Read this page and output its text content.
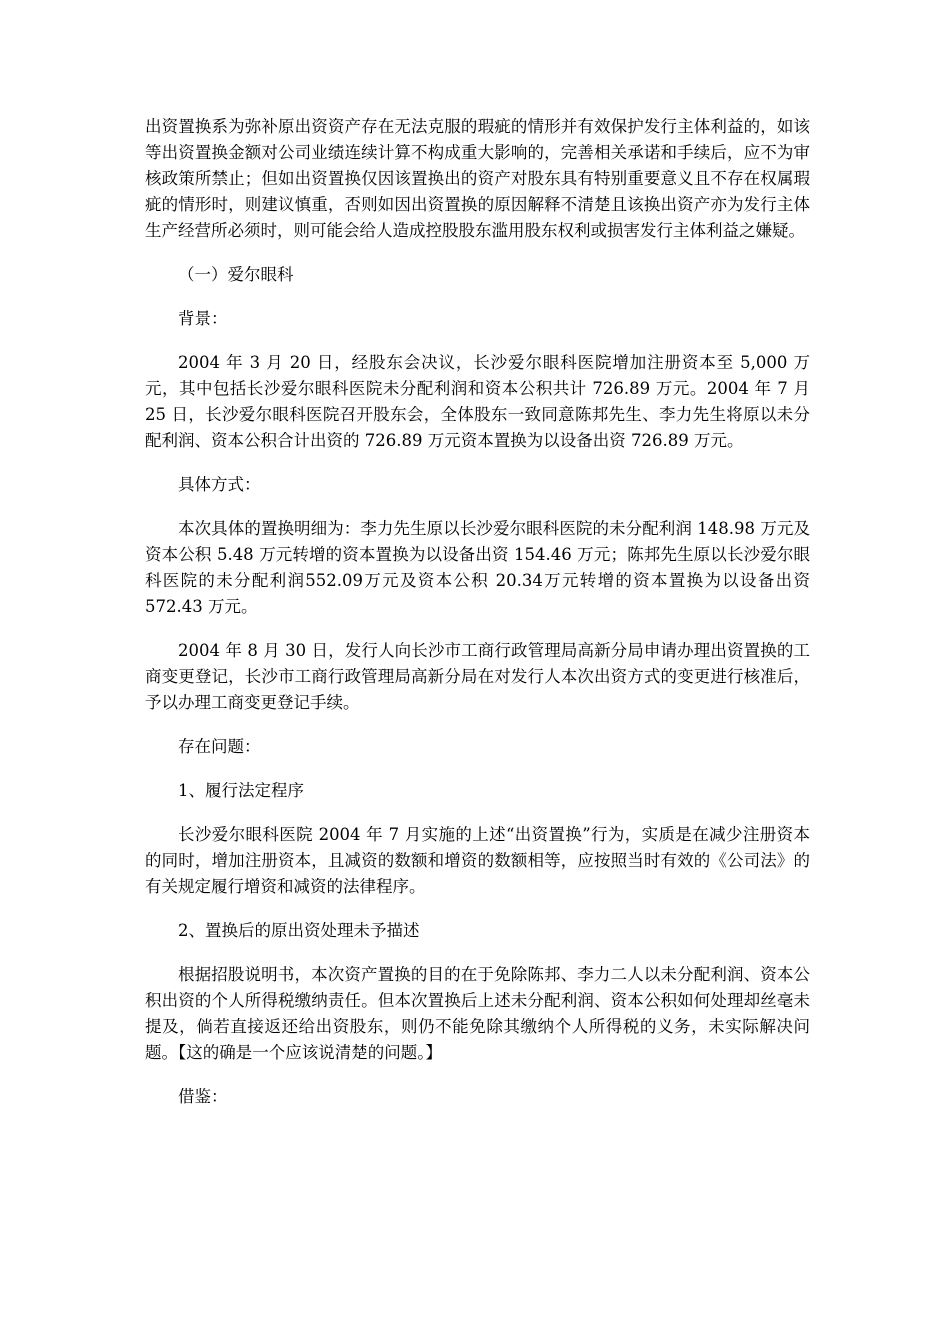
出资置换系为弥补原出资资产存在无法克服的瑕疵的情形并有效保护发行主体利益的，如该等出资置换金额对公司业绩连续计算不构成重大影响的，完善相关承诺和手续后，应不为审核政策所禁止；但如出资置换仅因该置换出的资产对股东具有特别重要意义且不存在权属瑕疵的情形时，则建议慎重，否则如因出资置换的原因解释不清楚且该换出资产亦为发行主体生产经营所必须时，则可能会给人造成控股股东滥用股东权利或损害发行主体利益之嫌疑。

（一）爱尔眼科

背景：

2004 年 3 月 20 日，经股东会决议，长沙爱尔眼科医院增加注册资本至 5,000 万元，其中包括长沙爱尔眼科医院未分配利润和资本公积共计 726.89 万元。2004 年 7 月 25 日，长沙爱尔眼科医院召开股东会，全体股东一致同意陈邦先生、李力先生将原以未分配利润、资本公积合计出资的 726.89 万元资本置换为以设备出资 726.89 万元。

具体方式：

本次具体的置换明细为：李力先生原以长沙爱尔眼科医院的未分配利润 148.98 万元及资本公积 5.48 万元转增的资本置换为以设备出资 154.46 万元；陈邦先生原以长沙爱尔眼科医院的未分配利润552.09万元及资本公积 20.34万元转增的资本置换为以设备出资572.43 万元。

2004 年 8 月 30 日，发行人向长沙市工商行政管理局高新分局申请办理出资置换的工商变更登记，长沙市工商行政管理局高新分局在对发行人本次出资方式的变更进行核准后，予以办理工商变更登记手续。

存在问题：

1、履行法定程序

长沙爱尔眼科医院 2004 年 7 月实施的上述“出资置换”行为，实质是在减少注册资本的同时，增加注册资本，且减资的数额和增资的数额相等，应按照当时有效的《公司法》的有关规定履行增资和减资的法律程序。

2、置换后的原出资处理未予描述

根据招股说明书，本次资产置换的目的在于免除陈邦、李力二人以未分配利润、资本公积出资的个人所得税缴纳责任。但本次置换后上述未分配利润、资本公积如何处理却丝毫未提及，倘若直接返还给出资股东，则仍不能免除其缴纳个人所得税的义务，未实际解决问题。【这的确是一个应该说清楚的问题。】

借鉴：
